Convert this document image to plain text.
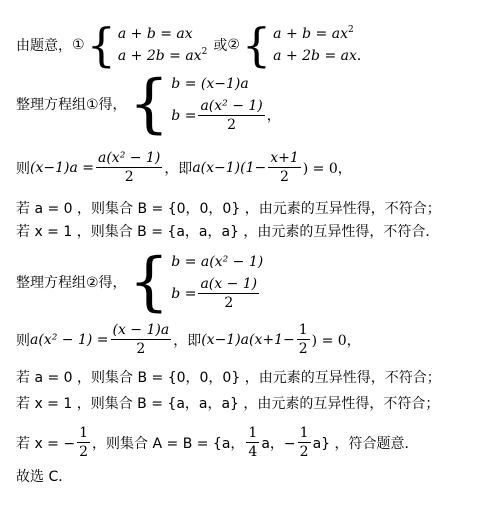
由题意， ① { a + b = ax
$a + 2b = ax^2$ 或 ② { $a + b = ax^2$
a + 2b = ax．
整理方程组①得， { b = (x−1)a
$b = \frac{\text{a(x² − 1)}}{2}$ ，
则 $(x-1)a = \frac{\text{a(x² − 1)}}{2}$ ，即 $a(x-1)(1- \frac{x+1}{2}$ ) = 0，
若 a = 0 ，则集合 B = {0，0，0} ，由元素的互异性得，不符合；
若 x = 1 ，则集合 B = {a，a，a} ，由元素的互异性得，不符合．
整理方程组②得， { b = a(x² − 1)
$b = \frac{a(x - 1)}{2}$
则 $a(x^2 - 1) = \frac{(x - 1)a}{2}$ ，即 $(x-1)a(x+1- \frac{1}{2}$ ) = 0，
若 a = 0 ，则集合 B = {0，0，0} ，由元素的互异性得，不符合；
若 x = 1 ，则集合 B = {a，a，a} ，由元素的互异性得，不符合；
若 x = − $\frac{1}{2}$ ，则集合 A = B = {a， $\frac{1}{4}$ a，− $\frac{1}{2} a$} ，符合题意．
故选 C．
